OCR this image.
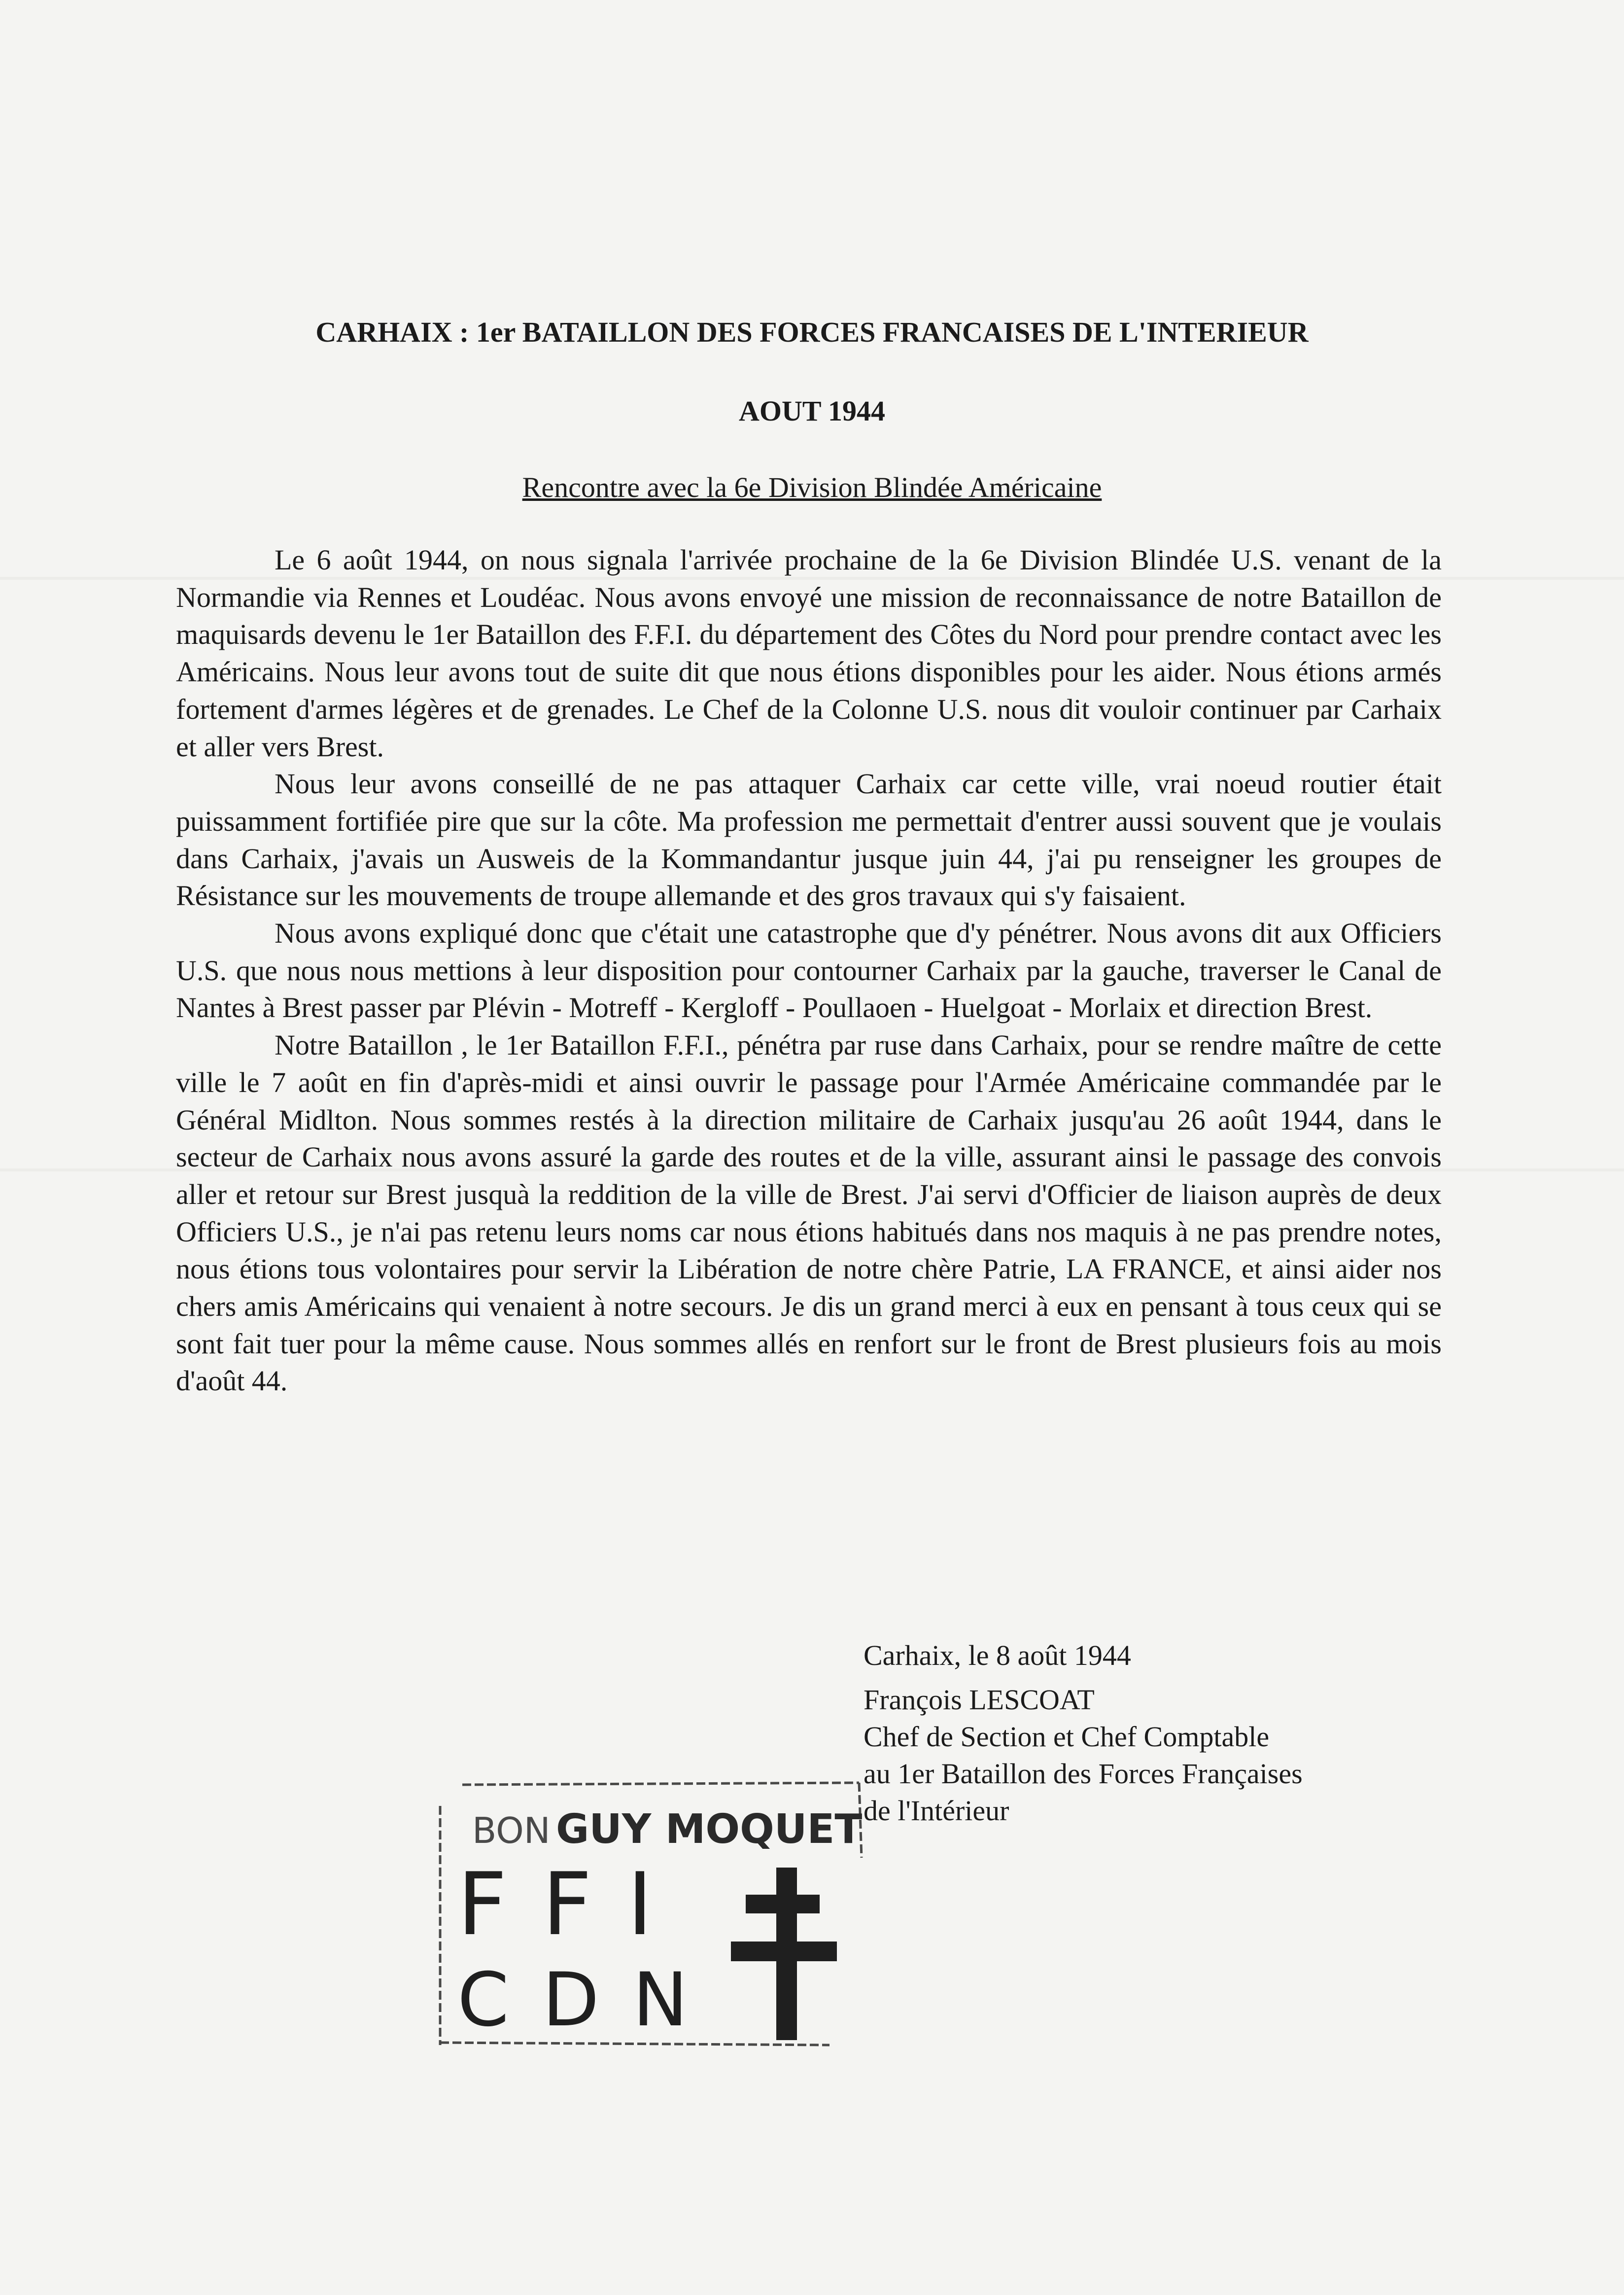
CARHAIX : 1er BATAILLON DES FORCES FRANCAISES DE L'INTERIEUR
AOUT 1944
Rencontre avec la 6e Division Blindée Américaine

Le 6 août 1944, on nous signala l'arrivée prochaine de la 6e Division Blindée U.S. venant de la Normandie via Rennes et Loudéac. Nous avons envoyé une mission de reconnaissance de notre Bataillon de maquisards devenu le 1er Bataillon des F.F.I. du département des Côtes du Nord pour prendre contact avec les Américains. Nous leur avons tout de suite dit que nous étions disponibles pour les aider. Nous étions armés fortement d'armes légères et de grenades. Le Chef de la Colonne U.S. nous dit vouloir continuer par Carhaix et aller vers Brest.

Nous leur avons conseillé de ne pas attaquer Carhaix car cette ville, vrai noeud routier était puissamment fortifiée pire que sur la côte. Ma profession me permettait d'entrer aussi souvent que je voulais dans Carhaix, j'avais un Ausweis de la Kommandantur jusque juin 44, j'ai pu renseigner les groupes de Résistance sur les mouvements de troupe allemande et des gros travaux qui s'y faisaient.

Nous avons expliqué donc que c'était une catastrophe que d'y pénétrer. Nous avons dit aux Officiers U.S. que nous nous mettions à leur disposition pour contourner Carhaix par la gauche, traverser le Canal de Nantes à Brest passer par Plévin - Motreff - Kergloff - Poullaoen - Huelgoat - Morlaix et direction Brest.

Notre Bataillon , le 1er Bataillon F.F.I., pénétra par ruse dans Carhaix, pour se rendre maître de cette ville le 7 août en fin d'après-midi et ainsi ouvrir le passage pour l'Armée Américaine commandée par le Général Midlton. Nous sommes restés à la direction militaire de Carhaix jusqu'au 26 août 1944, dans le secteur de Carhaix nous avons assuré la garde des routes et de la ville, assurant ainsi le passage des convois aller et retour sur Brest jusquà la reddition de la ville de Brest. J'ai servi d'Officier de liaison auprès de deux Officiers U.S., je n'ai pas retenu leurs noms car nous étions habitués dans nos maquis à ne pas prendre notes, nous étions tous volontaires pour servir la Libération de notre chère Patrie, LA FRANCE, et ainsi aider nos chers amis Américains qui venaient à notre secours. Je dis un grand merci à eux en pensant à tous ceux qui se sont fait tuer pour la même cause. Nous sommes allés en renfort sur le front de Brest plusieurs fois au mois d'août 44.

Carhaix, le 8 août 1944
François LESCOAT
Chef de Section et Chef Comptable
au 1er Bataillon des Forces Françaises
de l'Intérieur
BON GUY MOQUET
F F I
C D N
